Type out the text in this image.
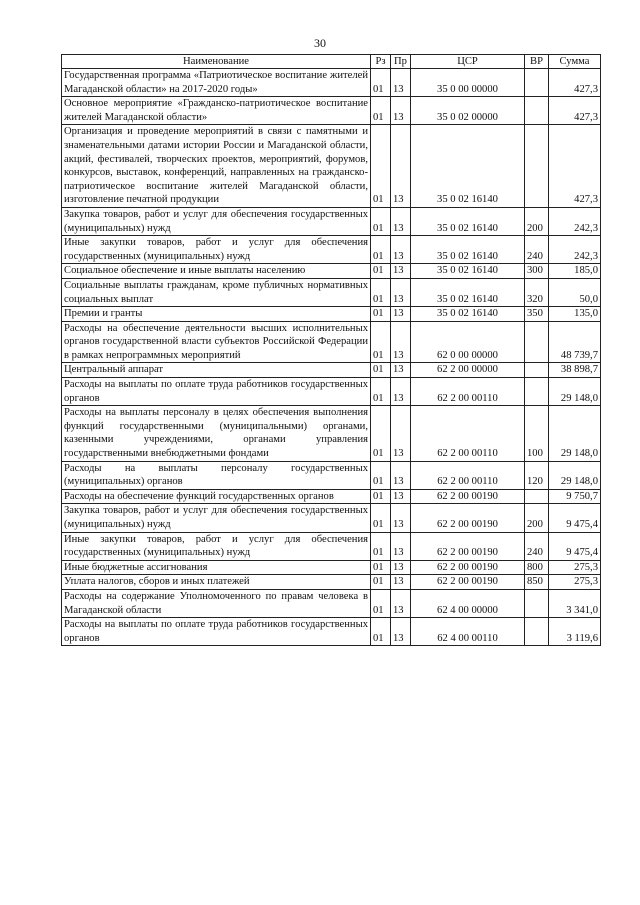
30
Наименование	Рз	Пр	ЦСР	ВР	Сумма
Государственная программа «Патриотическое воспитание жителей Магаданской области» на 2017-2020 годы»	01	13	35 0 00 00000		427,3
Основное мероприятие «Гражданско-патриотическое воспитание жителей Магаданской области»	01	13	35 0 02 00000		427,3
Организация и проведение мероприятий в связи с памятными и знаменательными датами истории России и Магаданской области, акций, фестивалей, творческих проектов, мероприятий, форумов, конкурсов, выставок, конференций, направленных на гражданско-патриотическое воспитание жителей Магаданской области, изготовление печатной продукции	01	13	35 0 02 16140		427,3
Закупка товаров, работ и услуг для обеспечения государственных (муниципальных) нужд	01	13	35 0 02 16140	200	242,3
Иные закупки товаров, работ и услуг для обеспечения государственных (муниципальных) нужд	01	13	35 0 02 16140	240	242,3
Социальное обеспечение и иные выплаты населению	01	13	35 0 02 16140	300	185,0
Социальные выплаты гражданам, кроме публичных нормативных социальных выплат	01	13	35 0 02 16140	320	50,0
Премии и гранты	01	13	35 0 02 16140	350	135,0
Расходы на обеспечение деятельности высших исполнительных органов государственной власти субъектов Российской Федерации в рамках непрограммных мероприятий	01	13	62 0 00 00000		48 739,7
Центральный аппарат	01	13	62 2 00 00000		38 898,7
Расходы на выплаты по оплате труда работников государственных органов	01	13	62 2 00 00110		29 148,0
Расходы на выплаты персоналу в целях обеспечения выполнения функций государственными (муниципальными) органами, казенными учреждениями, органами управления государственными внебюджетными фондами	01	13	62 2 00 00110	100	29 148,0
Расходы на выплаты персоналу государственных (муниципальных) органов	01	13	62 2 00 00110	120	29 148,0
Расходы на обеспечение функций государственных органов	01	13	62 2 00 00190		9 750,7
Закупка товаров, работ и услуг для обеспечения государственных (муниципальных) нужд	01	13	62 2 00 00190	200	9 475,4
Иные закупки товаров, работ и услуг для обеспечения государственных (муниципальных) нужд	01	13	62 2 00 00190	240	9 475,4
Иные бюджетные ассигнования	01	13	62 2 00 00190	800	275,3
Уплата налогов, сборов и иных платежей	01	13	62 2 00 00190	850	275,3
Расходы на содержание Уполномоченного по правам человека в Магаданской области	01	13	62 4 00 00000		3 341,0
Расходы на выплаты по оплате труда работников государственных органов	01	13	62 4 00 00110		3 119,6
